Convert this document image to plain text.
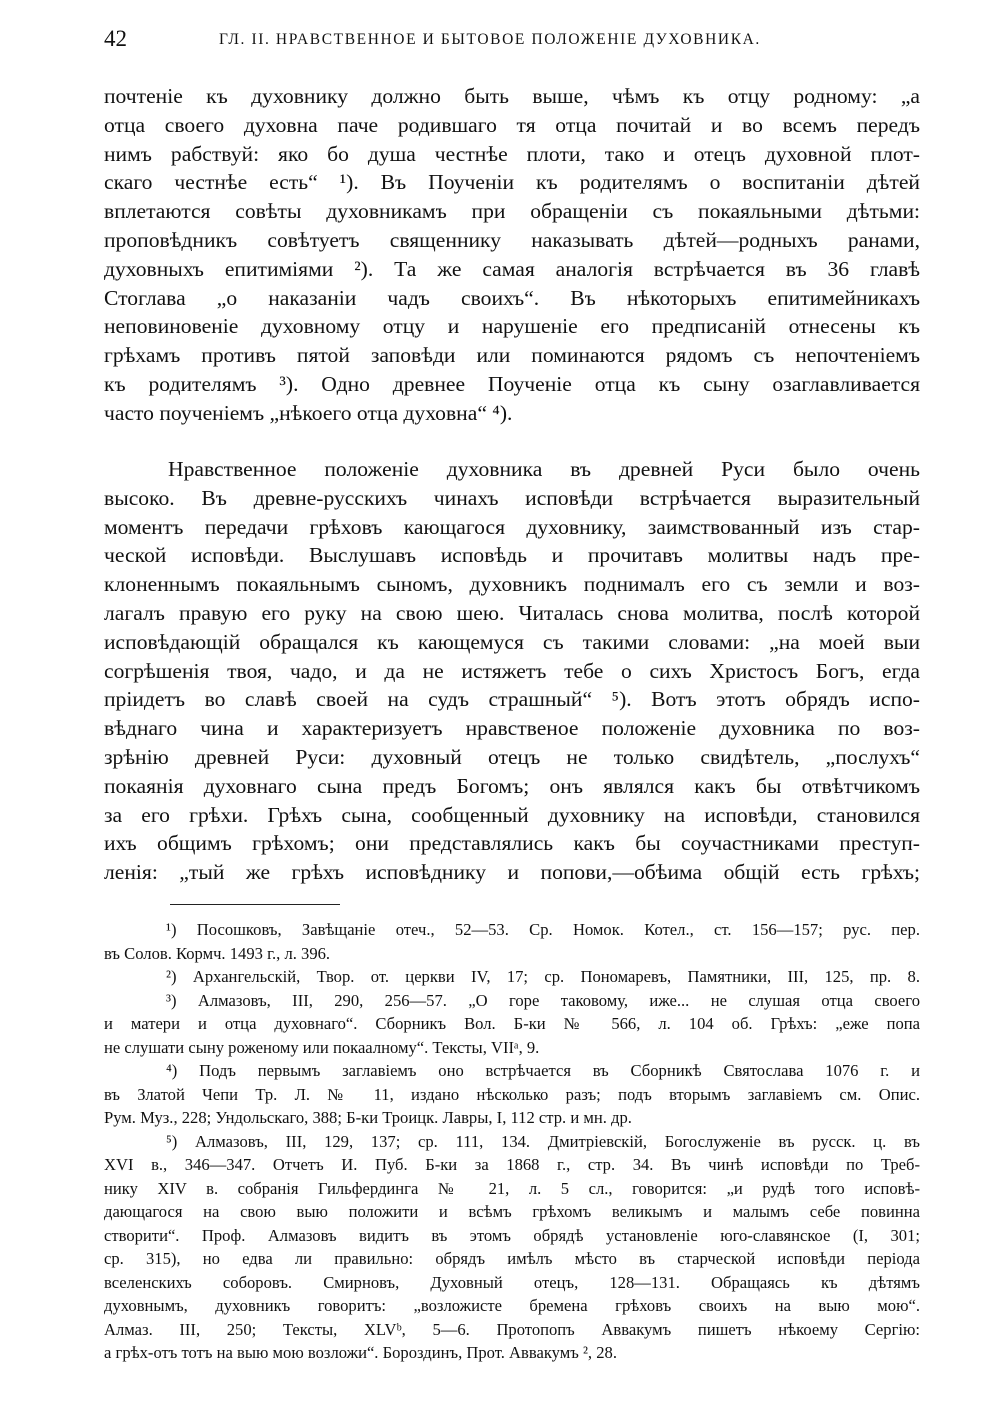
42	ГЛ. II. НРАВСТВЕННОЕ И БЫТОВОЕ ПОЛОЖЕНІЕ ДУХОВНИКА.
почтеніе къ духовнику должно быть выше, чѣмъ къ отцу родному: „а
отца своего духовна паче родившаго тя отца почитай и во всемъ передъ
нимъ рабствуй: яко бо душа честнѣе плоти, тако и отецъ духовной плот-
скаго честнѣе есть“ ¹). Въ Поученіи къ родителямъ о воспитаніи дѣтей
вплетаются совѣты духовникамъ при обращеніи съ покаяльными дѣтьми:
проповѣдникъ совѣтуетъ священнику наказывать дѣтей—родныхъ ранами,
духовныхъ епитиміями ²). Та же самая аналогія встрѣчается въ 36 главѣ
Стоглава „о наказаніи чадъ своихъ“. Въ нѣкоторыхъ епитимейникахъ
неповиновеніе духовному отцу и нарушеніе его предписаній отнесены къ
грѣхамъ противъ пятой заповѣди или поминаются рядомъ съ непочтеніемъ
къ родителямъ ³). Одно древнее Поученіе отца къ сыну озаглавливается
часто поученіемъ „нѣкоего отца духовна“ ⁴).
Нравственное положеніе духовника въ древней Руси было очень
высоко. Въ древне-русскихъ чинахъ исповѣди встрѣчается выразительный
моментъ передачи грѣховъ кающагося духовнику, заимствованный изъ стар-
ческой исповѣди. Выслушавъ исповѣдь и прочитавъ молитвы надъ пре-
клоненнымъ покаяльнымъ сыномъ, духовникъ поднималъ его съ земли и воз-
лагалъ правую его руку на свою шею. Читалась снова молитва, послѣ которой
исповѣдающій обращался къ кающемуся съ такими словами: „на моей выи
согрѣшенія твоя, чадо, и да не истяжетъ тебе о сихъ Христосъ Богъ, егда
пріидетъ во славѣ своей на судъ страшный“ ⁵). Вотъ этотъ обрядъ испо-
вѣднаго чина и характеризуетъ нравственое положеніе духовника по воз-
зрѣнію древней Руси: духовный отецъ не только свидѣтель, „послухъ“
покаянія духовнаго сына предъ Богомъ; онъ являлся какъ бы отвѣтчикомъ
за его грѣхи. Грѣхъ сына, сообщенный духовнику на исповѣди, становился
ихъ общимъ грѣхомъ; они представлялись какъ бы соучастниками преступ-
ленія: „тый же грѣхъ исповѣднику и попови,—обѣима общій есть грѣхъ;
¹) Посошковъ, Завѣщаніе отеч., 52—53. Ср. Номок. Котел., ст. 156—157; рус. пер.
въ Солов. Кормч. 1493 г., л. 396.
²) Архангельскій, Твор. от. церкви IV, 17; ср. Пономаревъ, Памятники, III, 125, пр. 8.
³) Алмазовъ, III, 290, 256—57. „О горе таковому, иже... не слушая отца своего
и матери и отца духовнаго“. Сборникъ Вол. Б-ки № 566, л. 104 об. Грѣхъ: „еже попа
не слушати сыну роженому или покаалному“. Тексты, VIIᵃ, 9.
⁴) Подъ первымъ заглавіемъ оно встрѣчается въ Сборникѣ Святослава 1076 г. и
въ Златой Чепи Тр. Л. № 11, издано нѣсколько разъ; подъ вторымъ заглавіемъ см. Опис.
Рум. Муз., 228; Ундольскаго, 388; Б-ки Троицк. Лавры, I, 112 стр. и мн. др.
⁵) Алмазовъ, III, 129, 137; ср. 111, 134. Дмитріевскій, Богослуженіе въ русск. ц. въ
XVI в., 346—347. Отчетъ И. Пуб. Б-ки за 1868 г., стр. 34. Въ чинѣ исповѣди по Треб-
нику XIV в. собранія Гильфердинга № 21, л. 5 сл., говорится: „и рудѣ того исповѣ-
дающагося на свою выю положити и всѣмъ грѣхомъ великымъ и малымъ себе повинна
створити“. Проф. Алмазовъ видитъ въ этомъ обрядѣ установленіе юго-славянское (I, 301;
ср. 315), но едва ли правильно: обрядъ имѣлъ мѣсто въ старческой исповѣди періода
вселенскихъ соборовъ. Смирновъ, Духовный отецъ, 128—131. Обращаясь къ дѣтямъ
духовнымъ, духовникъ говоритъ: „возложисте бремена грѣховъ своихъ на выю мою“.
Алмаз. III, 250; Тексты, XLVᵇ, 5—6. Протопопъ Аввакумъ пишетъ нѣкоему Сергію:
а грѣх-отъ тотъ на выю мою возложи“. Бороздинъ, Прот. Аввакумъ ², 28.
